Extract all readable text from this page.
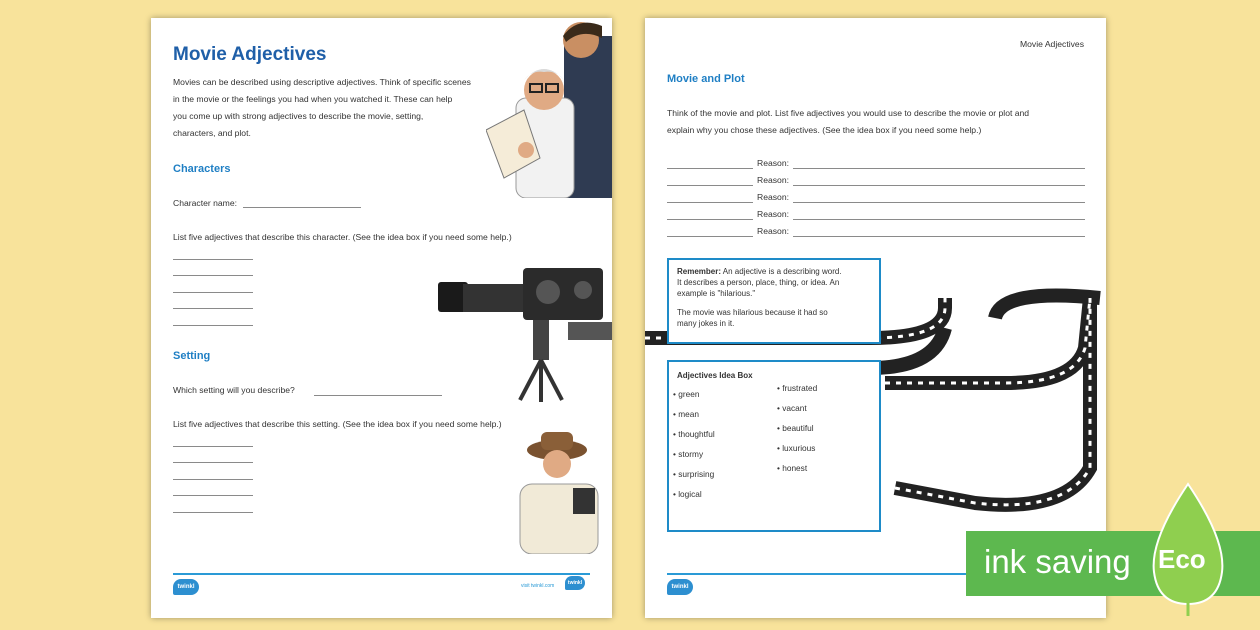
Movie Adjectives
Movies can be described using descriptive adjectives. Think of specific scenes
in the movie or the feelings you had when you watched it. These can help
you come up with strong adjectives to describe the movie, setting,
characters, and plot.
Characters
Character name:
List five adjectives that describe this character. (See the idea box if you need some help.)
Setting
Which setting will you describe?
List five adjectives that describe this setting. (See the idea box if you need some help.)
twinkl	visit twinkl.com	twinkl
Movie Adjectives
Movie and Plot
Think of the movie and plot. List five adjectives you would use to describe the movie or plot and
explain why you chose these adjectives. (See the idea box if you need some help.)
Reason:
Reason:
Reason:
Reason:
Reason:
Remember: An adjective is a describing word.
It describes a person, place, thing, or idea. An
example is "hilarious."
The movie was hilarious because it had so
many jokes in it.
Adjectives Idea Box
• green
• mean
• thoughtful
• stormy
• surprising
• logical
• frustrated
• vacant
• beautiful
• luxurious
• honest
twinkl
ink saving Eco
